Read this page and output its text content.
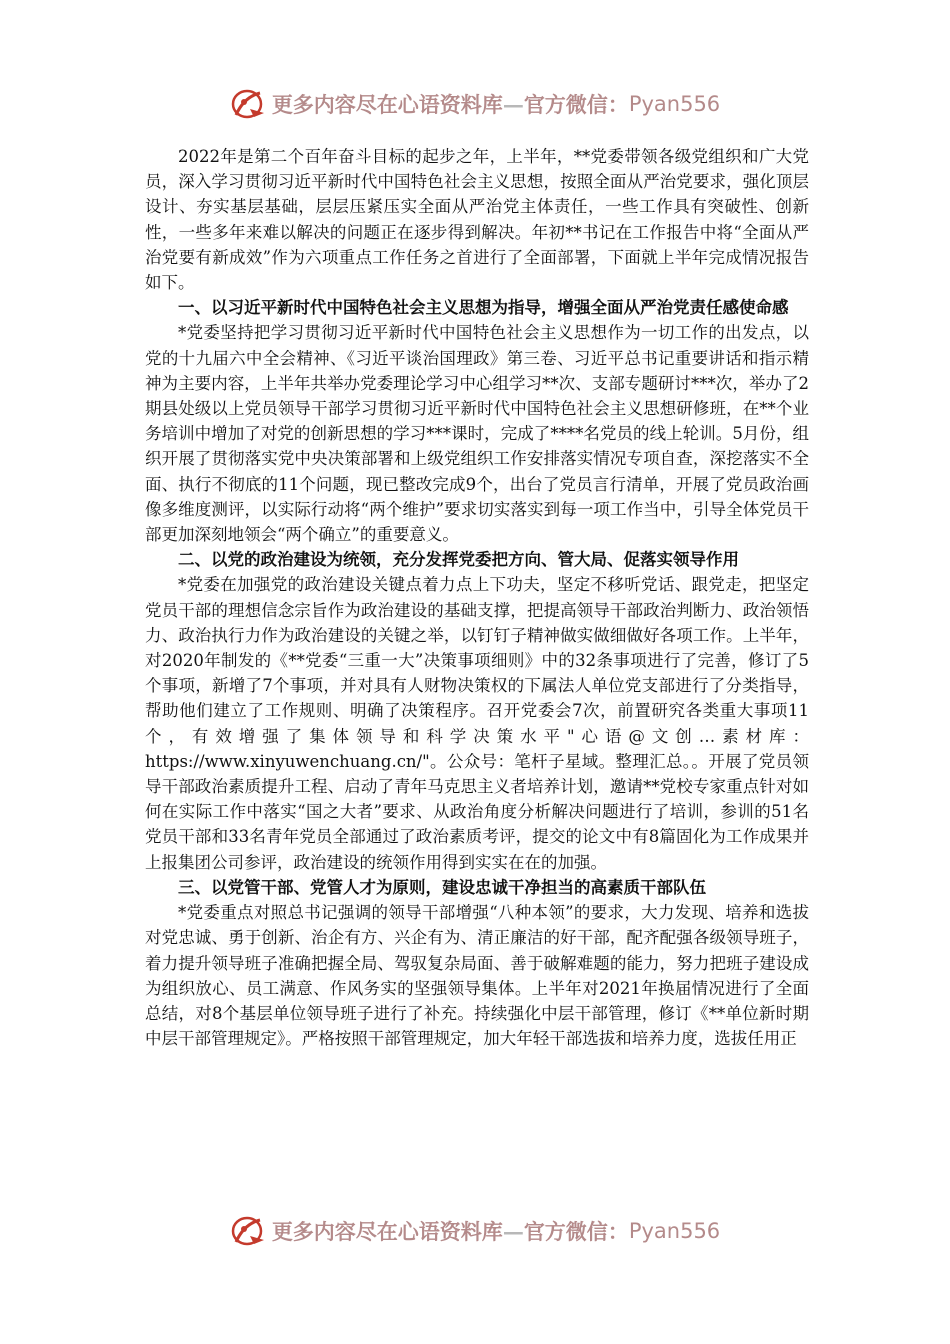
更多内容尽在心语资料库 — 官方微信： Pyan556

2022年是第二个百年奋斗目标的起步之年，上半年，**党委带领各级党组织和广大党员，深入学习贯彻习近平新时代中国特色社会主义思想，按照全面从严治党要求，强化顶层设计、夯实基层基础，层层压紧压实全面从严治党主体责任，一些工作具有突破性、创新性，一些多年来难以解决的问题正在逐步得到解决。年初**书记在工作报告中将“全面从严治党要有新成效”作为六项重点工作任务之首进行了全面部署，下面就上半年完成情况报告如下。

一、以习近平新时代中国特色社会主义思想为指导，增强全面从严治党责任感使命感

*党委坚持把学习贯彻习近平新时代中国特色社会主义思想作为一切工作的出发点，以党的十九届六中全会精神、《习近平谈治国理政》第三卷、习近平总书记重要讲话和指示精神为主要内容，上半年共举办党委理论学习中心组学习**次、支部专题研讨***次，举办了2期县处级以上党员领导干部学习贯彻习近平新时代中国特色社会主义思想研修班，在**个业务培训中增加了对党的创新思想的学习***课时，完成了****名党员的线上轮训。5月份，组织开展了贯彻落实党中央决策部署和上级党组织工作安排落实情况专项自查，深挖落实不全面、执行不彻底的11个问题，现已整改完成9个，出台了党员言行清单，开展了党员政治画像多维度测评，以实际行动将“两个维护”要求切实落实到每一项工作当中，引导全体党员干部更加深刻地领会“两个确立”的重要意义。

二、以党的政治建设为统领，充分发挥党委把方向、管大局、促落实领导作用

*党委在加强党的政治建设关键点着力点上下功夫，坚定不移听党话、跟党走，把坚定党员干部的理想信念宗旨作为政治建设的基础支撑，把提高领导干部政治判断力、政治领悟力、政治执行力作为政治建设的关键之举，以钉钉子精神做实做细做好各项工作。上半年，对2020年制发的《**党委“三重一大”决策事项细则》中的32条事项进行了完善，修订了5个事项，新增了7个事项，并对具有人财物决策权的下属法人单位党支部进行了分类指导，帮助他们建立了工作规则、明确了决策程序。召开党委会7次，前置研究各类重大事项11个，有效增强了集体领导和科学决策水平"心语@文创…素材库：https://www.xinyuwenchuang.cn/"。公众号：笔杆子星域。整理汇总。。开展了党员领导干部政治素质提升工程、启动了青年马克思主义者培养计划，邀请**党校专家重点针对如何在实际工作中落实“国之大者”要求、从政治角度分析解决问题进行了培训，参训的51名党员干部和33名青年党员全部通过了政治素质考评，提交的论文中有8篇固化为工作成果并上报集团公司参评，政治建设的统领作用得到实实在在的加强。

三、以党管干部、党管人才为原则，建设忠诚干净担当的高素质干部队伍

*党委重点对照总书记强调的领导干部增强“八种本领”的要求，大力发现、培养和选拔对党忠诚、勇于创新、治企有方、兴企有为、清正廉洁的好干部，配齐配强各级领导班子，着力提升领导班子准确把握全局、驾驭复杂局面、善于破解难题的能力，努力把班子建设成为组织放心、员工满意、作风务实的坚强领导集体。上半年对2021年换届情况进行了全面总结，对8个基层单位领导班子进行了补充。持续强化中层干部管理，修订《**单位新时期中层干部管理规定》。严格按照干部管理规定，加大年轻干部选拔和培养力度，选拔任用正

更多内容尽在心语资料库 — 官方微信： Pyan556
